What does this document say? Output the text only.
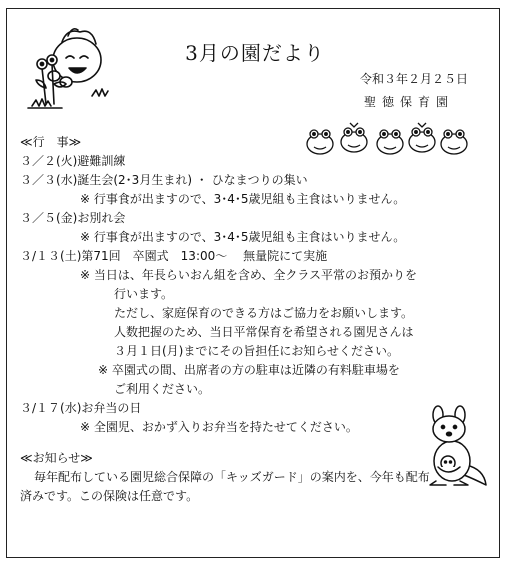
3月の園だより
令和３年２月２５日
聖徳保育園
≪行　事≫
３／２(火)避難訓練
３／３(水)誕生会(2･3月生まれ) ・ ひなまつりの集い
※ 行事食が出ますので、3･4･5歳児組も主食はいりません。
３／５(金)お別れ会
※ 行事食が出ますので、3･4･5歳児組も主食はいりません。
３/１３(土)第71回　卒園式　13:00～　 無量院にて実施
※ 当日は、年長らいおん組を含め、全クラス平常のお預かりを
行います。
ただし、家庭保育のできる方はご協力をお願いします。
人数把握のため、当日平常保育を希望される園児さんは
３月１日(月)までにその旨担任にお知らせください。
※ 卒園式の間、出席者の方の駐車は近隣の有料駐車場を
ご利用ください。
３/１７(水)お弁当の日
※ 全園児、おかず入りお弁当を持たせてください。
≪お知らせ≫
毎年配布している園児総合保障の「キッズガード」の案内を、今年も配布
済みです。この保険は任意です。
